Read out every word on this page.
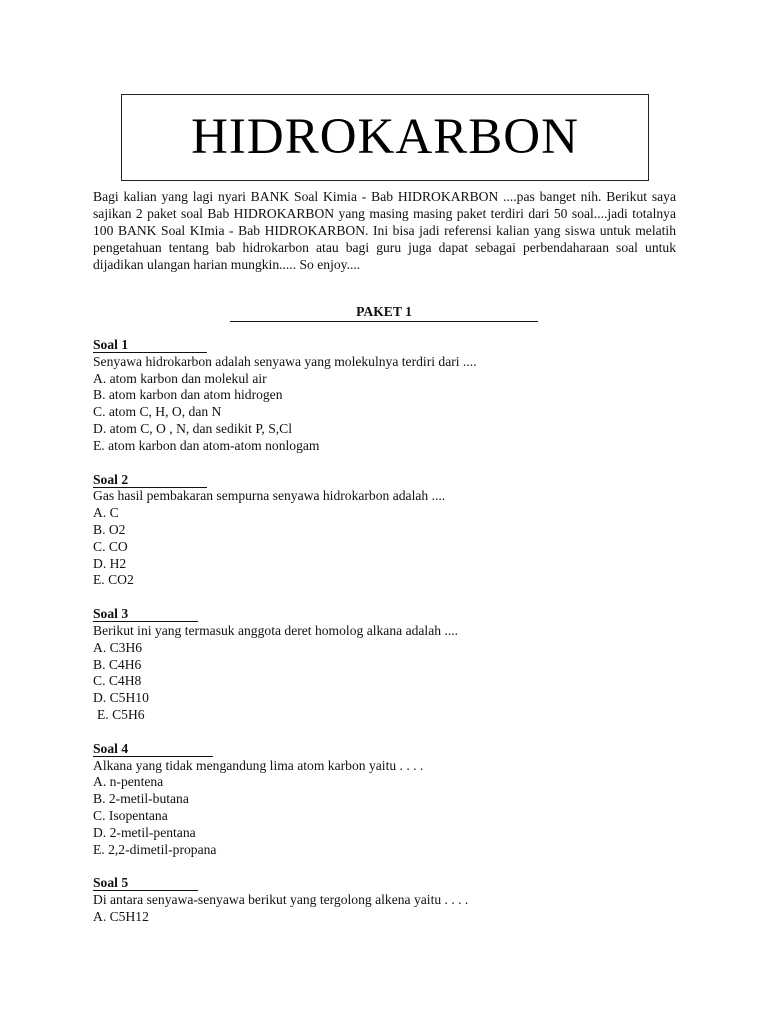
HIDROKARBON

Bagi kalian yang lagi nyari BANK Soal Kimia - Bab HIDROKARBON ....pas banget nih. Berikut saya sajikan 2 paket soal Bab HIDROKARBON yang masing masing paket terdiri dari 50 soal....jadi totalnya 100 BANK Soal KImia - Bab HIDROKARBON. Ini bisa jadi referensi kalian yang siswa untuk melatih pengetahuan tentang bab hidrokarbon atau bagi guru juga dapat sebagai perbendaharaan soal untuk dijadikan ulangan harian mungkin..... So enjoy....

PAKET 1
Soal 1
Senyawa hidrokarbon adalah senyawa yang molekulnya terdiri dari ....
A. atom karbon dan molekul air
B. atom karbon dan atom hidrogen
C. atom C, H, O, dan N
D. atom C, O , N, dan sedikit P, S,Cl
E. atom karbon dan atom-atom nonlogam
Soal 2
Gas hasil pembakaran sempurna senyawa hidrokarbon adalah ....
A. C
B. O2
C. CO
D. H2
E. CO2
Soal 3
Berikut ini yang termasuk anggota deret homolog alkana adalah ....
A. C3H6
B. C4H6
C. C4H8
D. C5H10
E. C5H6
Soal 4
Alkana yang tidak mengandung lima atom karbon yaitu . . . .
A. n-pentena
B. 2-metil-butana
C. Isopentana
D. 2-metil-pentana
E. 2,2-dimetil-propana
Soal 5
Di antara senyawa-senyawa berikut yang tergolong alkena yaitu . . . .
A. C5H12
